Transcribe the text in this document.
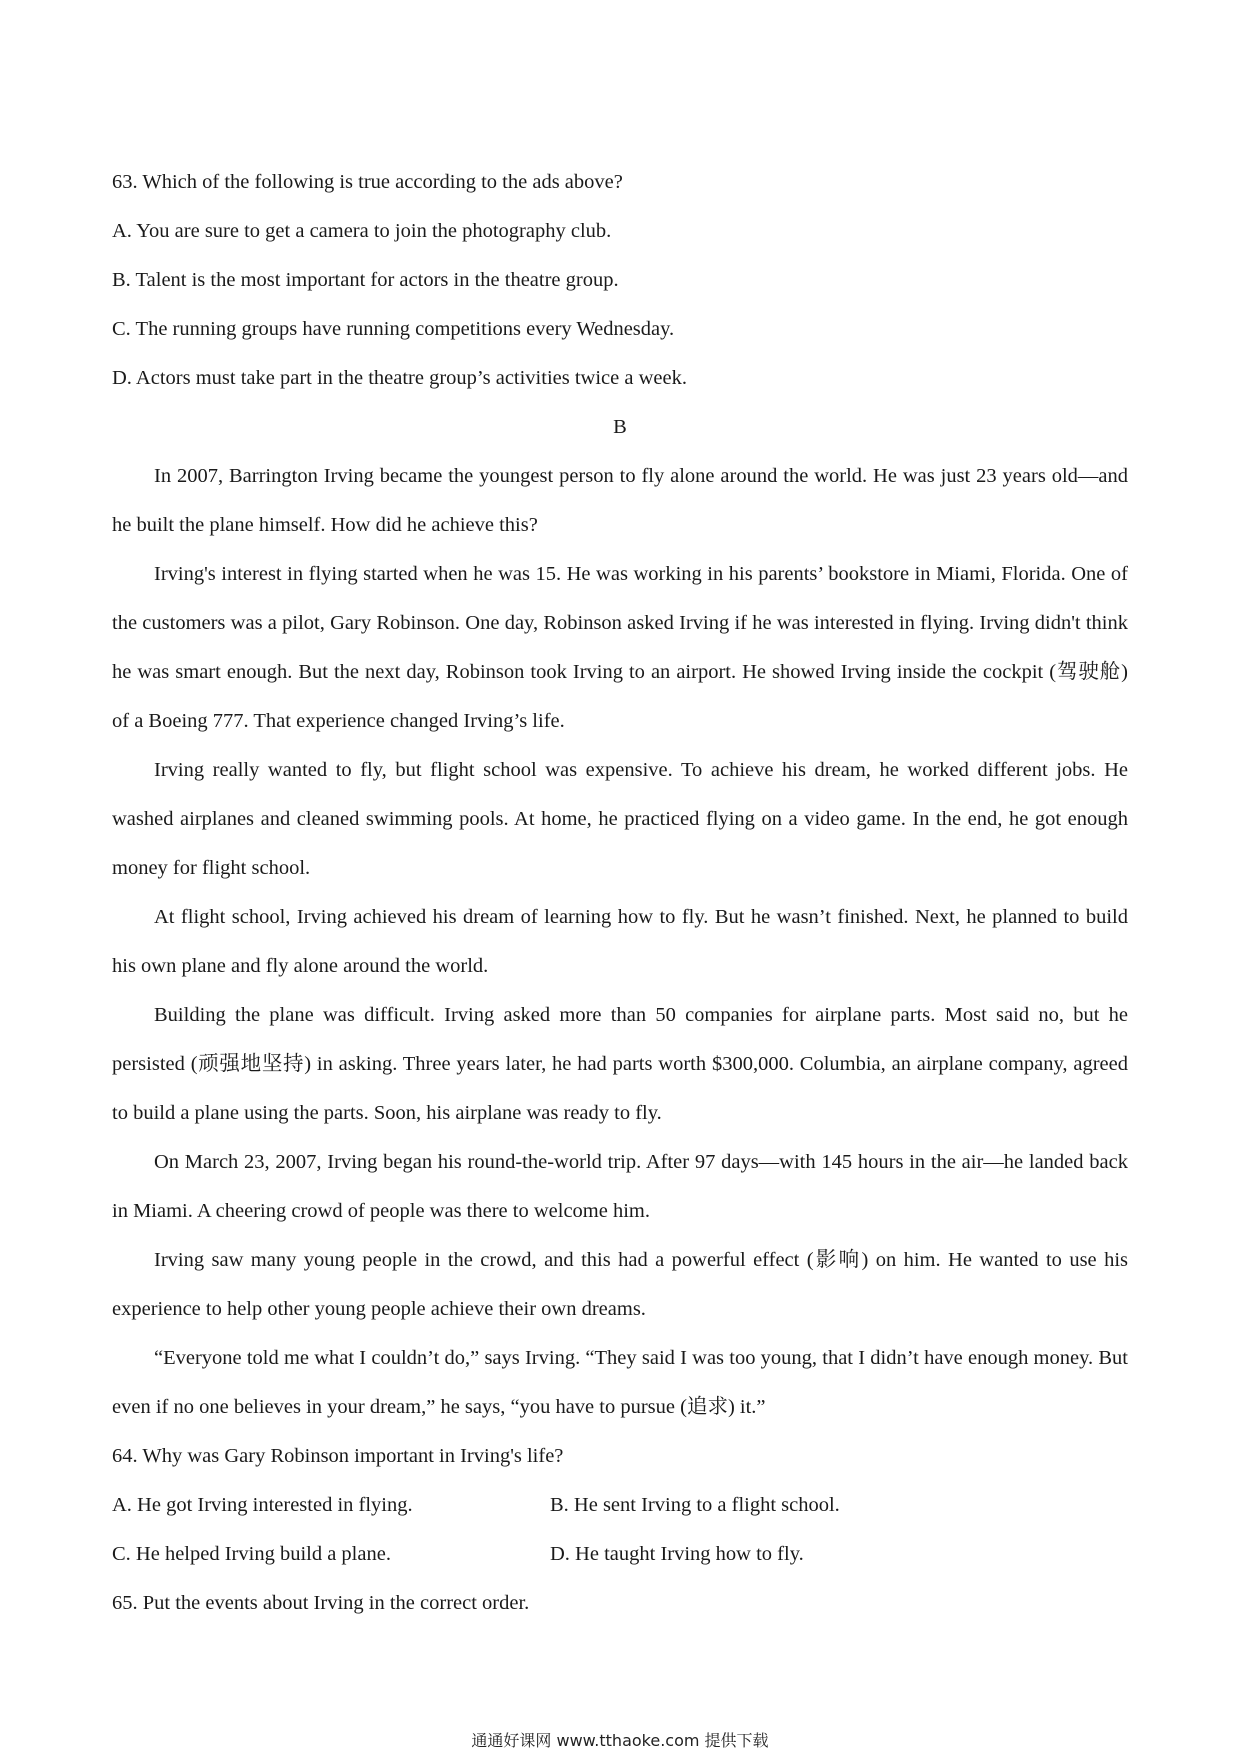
63. Which of the following is true according to the ads above?
A. You are sure to get a camera to join the photography club.
B. Talent is the most important for actors in the theatre group.
C. The running groups have running competitions every Wednesday.
D. Actors must take part in the theatre group’s activities twice a week.
B

In 2007, Barrington Irving became the youngest person to fly alone around the world. He was just 23 years old—and he built the plane himself. How did he achieve this?

Irving's interest in flying started when he was 15. He was working in his parents’ bookstore in Miami, Florida. One of the customers was a pilot, Gary Robinson. One day, Robinson asked Irving if he was interested in flying. Irving didn't think he was smart enough. But the next day, Robinson took Irving to an airport. He showed Irving inside the cockpit (驾驶舱) of a Boeing 777. That experience changed Irving’s life.

Irving really wanted to fly, but flight school was expensive. To achieve his dream, he worked different jobs. He washed airplanes and cleaned swimming pools. At home, he practiced flying on a video game. In the end, he got enough money for flight school.

At flight school, Irving achieved his dream of learning how to fly. But he wasn’t finished. Next, he planned to build his own plane and fly alone around the world.

Building the plane was difficult. Irving asked more than 50 companies for airplane parts. Most said no, but he persisted (顽强地坚持) in asking. Three years later, he had parts worth $300,000. Columbia, an airplane company, agreed to build a plane using the parts. Soon, his airplane was ready to fly.

On March 23, 2007, Irving began his round-the-world trip. After 97 days—with 145 hours in the air—he landed back in Miami. A cheering crowd of people was there to welcome him.

Irving saw many young people in the crowd, and this had a powerful effect (影响) on him. He wanted to use his experience to help other young people achieve their own dreams.

“Everyone told me what I couldn’t do,” says Irving. “They said I was too young, that I didn’t have enough money. But even if no one believes in your dream,” he says, “you have to pursue (追求) it.”

64. Why was Gary Robinson important in Irving's life?
A. He got Irving interested in flying.	B. He sent Irving to a flight school.
C. He helped Irving build a plane.	D. He taught Irving how to fly.
65. Put the events about Irving in the correct order.
通通好课网 www.tthaoke.com 提供下载
